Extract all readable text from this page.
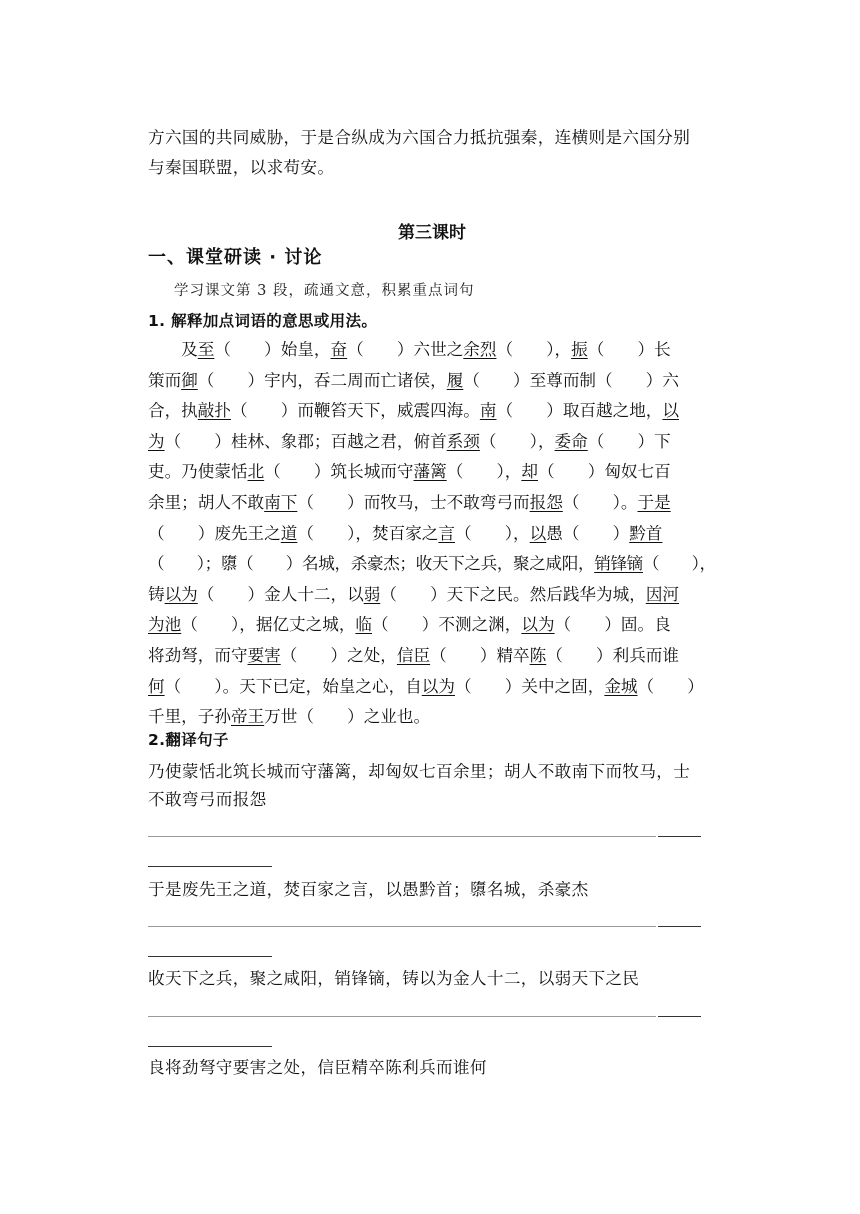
方六国的共同威胁，于是合纵成为六国合力抵抗强秦，连横则是六国分别
与秦国联盟，以求苟安。
第三课时
一、课堂研读 · 讨论
学习课文第 3 段，疏通文意，积累重点词句
1. 解释加点词语的意思或用法。
　　及至（　　）始皇，奋（　　）六世之余烈（　　），振（　　）长
策而御（　　）宇内，吞二周而亡诸侯，履（　　）至尊而制（　　）六
合，执敲扑（　　）而鞭笞天下，威震四海。南（　　）取百越之地，以
为（　　）桂林、象郡；百越之君，俯首系颈（　　），委命（　　）下
吏。乃使蒙恬北（　　）筑长城而守藩篱（　　），却（　　）匈奴七百
余里；胡人不敢南下（　　）而牧马，士不敢弯弓而报怨（　　）。于是
（　　）废先王之道（　　），焚百家之言（　　），以愚（　　）黔首
（　　）；隳（　　）名城，杀豪杰；收天下之兵，聚之咸阳，销锋镝（　　），
铸以为（　　）金人十二，以弱（　　）天下之民。然后践华为城，因河
为池（　　），据亿丈之城，临（　　）不测之渊，以为（　　）固。良
将劲弩，而守要害（　　）之处，信臣（　　）精卒陈（　　）利兵而谁
何（　　）。天下已定，始皇之心，自以为（　　）关中之固，金城（　　）
千里，子孙帝王万世（　　）之业也。
2.翻译句子
乃使蒙恬北筑长城而守藩篱，却匈奴七百余里；胡人不敢南下而牧马，士
不敢弯弓而报怨
于是废先王之道，焚百家之言，以愚黔首；隳名城，杀豪杰
收天下之兵，聚之咸阳，销锋镝，铸以为金人十二，以弱天下之民
良将劲弩守要害之处，信臣精卒陈利兵而谁何
